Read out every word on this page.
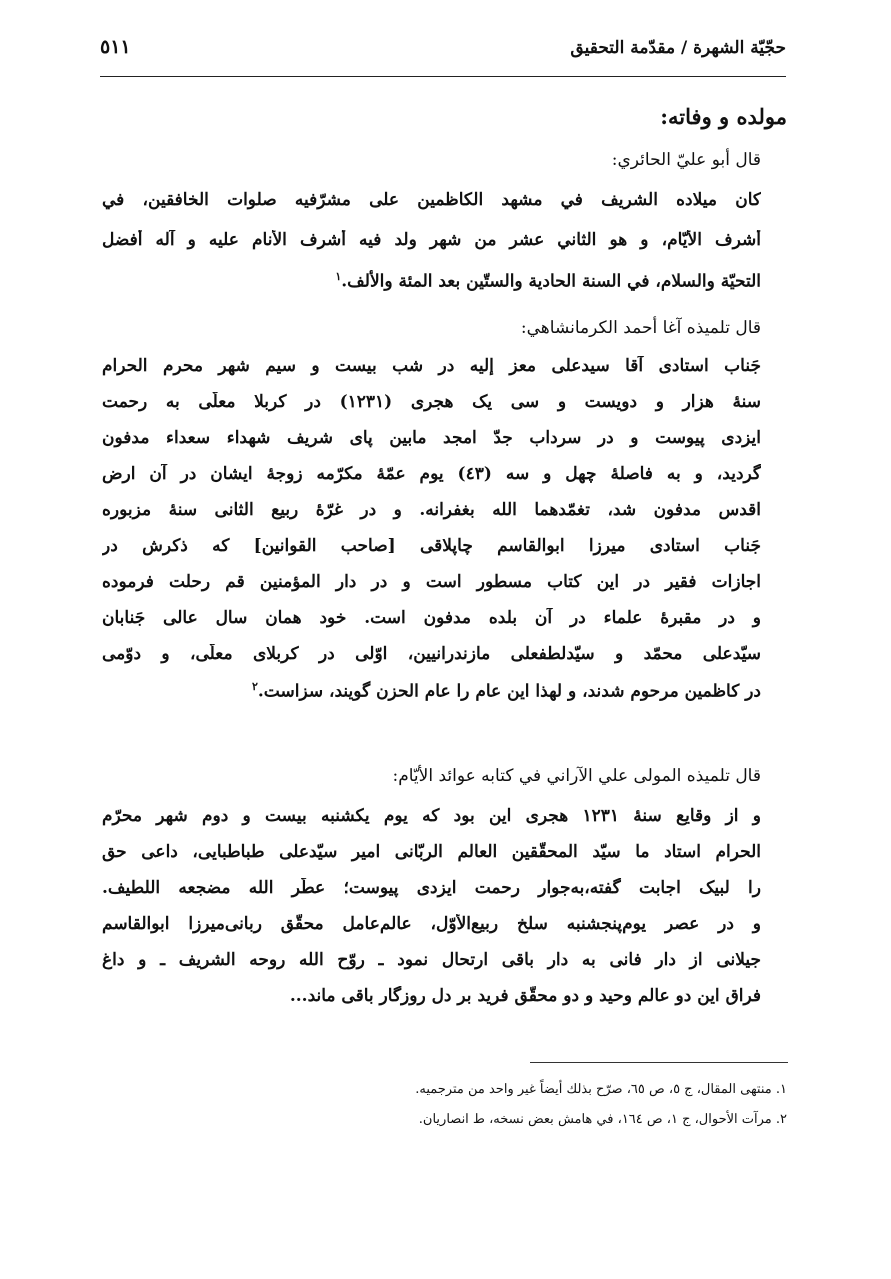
حجّيّة الشهرة / مقدّمة التحقيق
٥١١
مولده و وفاته:
قال أبو عليّ الحائري:
كان ميلاده الشريف في مشهد الكاظمين على مشرّفيه صلوات الخافقين، في
أشرف الأيّام، و هو الثاني عشر من شهر ولد فيه أشرف الأنام عليه و آله أفضل
التحيّة والسلام، في السنة الحادية والستّين بعد المئة والألف.$^١$
قال تلميذه آغا أحمد الكرمانشاهي:
جَناب استادى آقا سيدعلى معز إليه در شب بيست و سيم شهر محرم الحرام
سنهٔ هزار و دويست و سى يک هجرى (١٢٣١) در كربلا معلّى به رحمت
ايزدى پيوست و در سرداب جدّ امجد مابين پاى شريف شهداء سعداء مدفون
گرديد، و به فاصلهٔ چهل و سه (٤٣) يوم عمّهٔ مكرّمه زوجهٔ ايشان در آن ارض
اقدس مدفون شد، تغمّدهما الله بغفرانه. و در غرّهٔ ربيع الثانى سنهٔ مزبوره
جَناب استادى ميرزا ابوالقاسم چاپلاقى [صاحب القوانين] كه ذكرش در
اجازات فقير در اين كتاب مسطور است و در دار المؤمنين قم رحلت فرموده
و در مقبرهٔ علماء در آن بلده مدفون است. خود همان سال عالى جَنابان
سيّدعلى محمّد و سيّدلطفعلى مازندرانيين، اوّلى در كربلاى معلّى، و دوّمى
در كاظمين مرحوم شدند، و لهذا اين عام را عام الحزن گويند، سزاست.$^٢$
قال تلميذه المولى علي الآراني في كتابه عوائد الأيّام:
و از وقايع سنهٔ ١٢٣١ هجرى اين بود كه يوم يكشنبه بيست و دوم شهر محرّم
الحرام استاد ما سيّد المحقّقين العالم الربّانى امير سيّدعلى طباطبايى، داعى حق
را لبيک اجابت گفته،به‌جوار رحمت ايزدى پيوست؛ عطّر الله مضجعه اللطيف.
و در عصر يوم‌پنجشنبه سلخ ربيع‌الأوّل، عالم‌عامل محقّق ربانى‌ميرزا ابوالقاسم
جيلانى از دار فانى به دار باقى ارتحال نمود ـ روّح الله روحه الشريف ـ و داغ
فراق اين دو عالم وحيد و دو محقّق فريد بر دل روزگار باقى ماند...
١. منتهى المقال، ج ٥، ص ٦٥، صرّح بذلك أيضاً غير واحد من مترجميه.
٢. مرآت الأحوال، ج ١، ص ١٦٤، في هامش بعض نسخه، ط انصاريان.
